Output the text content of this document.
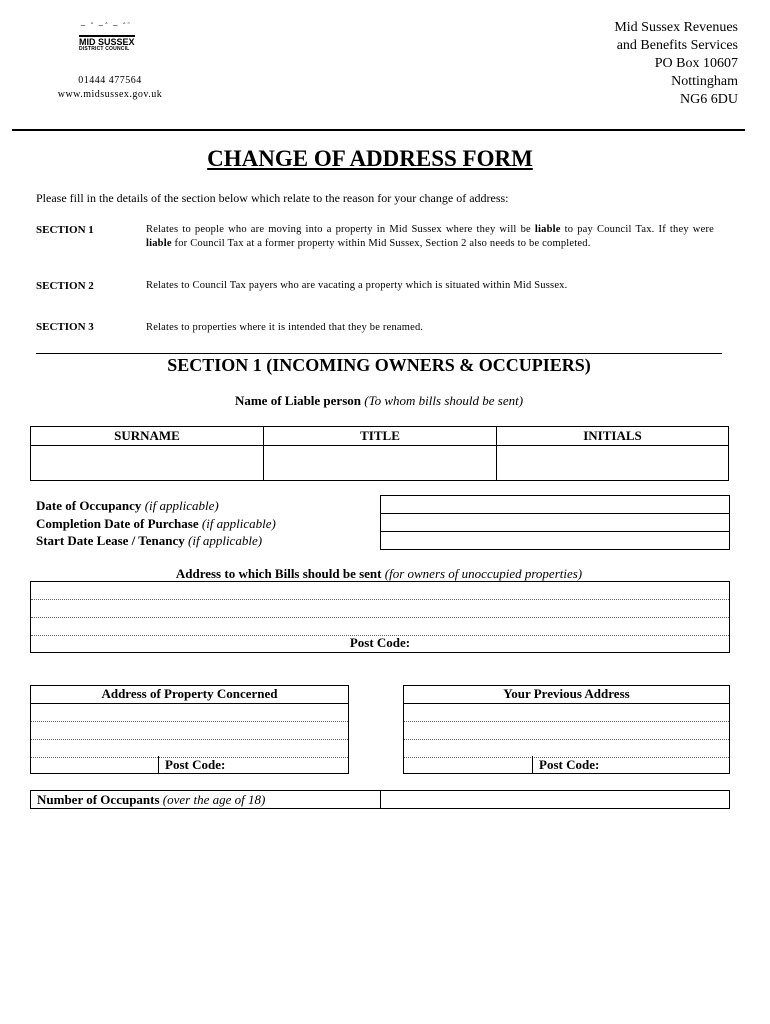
~ ˄ ~˄ ~ ˄˜
MID SUSSEX
DISTRICT COUNCIL
01444 477564
www.midsussex.gov.uk
Mid Sussex Revenues
and Benefits Services
PO Box 10607
Nottingham
NG6 6DU
CHANGE OF ADDRESS FORM
Please fill in the details of the section below which relate to the reason for your change of address:
SECTION 1	Relates to people who are moving into a property in Mid Sussex where they will be liable to pay Council Tax. If they were liable for Council Tax at a former property within Mid Sussex, Section 2 also needs to be completed.
SECTION 2	Relates to Council Tax payers who are vacating a property which is situated within Mid Sussex.
SECTION 3	Relates to properties where it is intended that they be renamed.
SECTION 1 (INCOMING OWNERS & OCCUPIERS)
Name of Liable person (To whom bills should be sent)
SURNAME	TITLE	INITIALS

Date of Occupancy (if applicable)
Completion Date of Purchase (if applicable)
Start Date Lease / Tenancy (if applicable)
Address to which Bills should be sent (for owners of unoccupied properties)
Post Code:
Address of Property Concerned
Post Code:
Your Previous Address
Post Code:
Number of Occupants (over the age of 18)
